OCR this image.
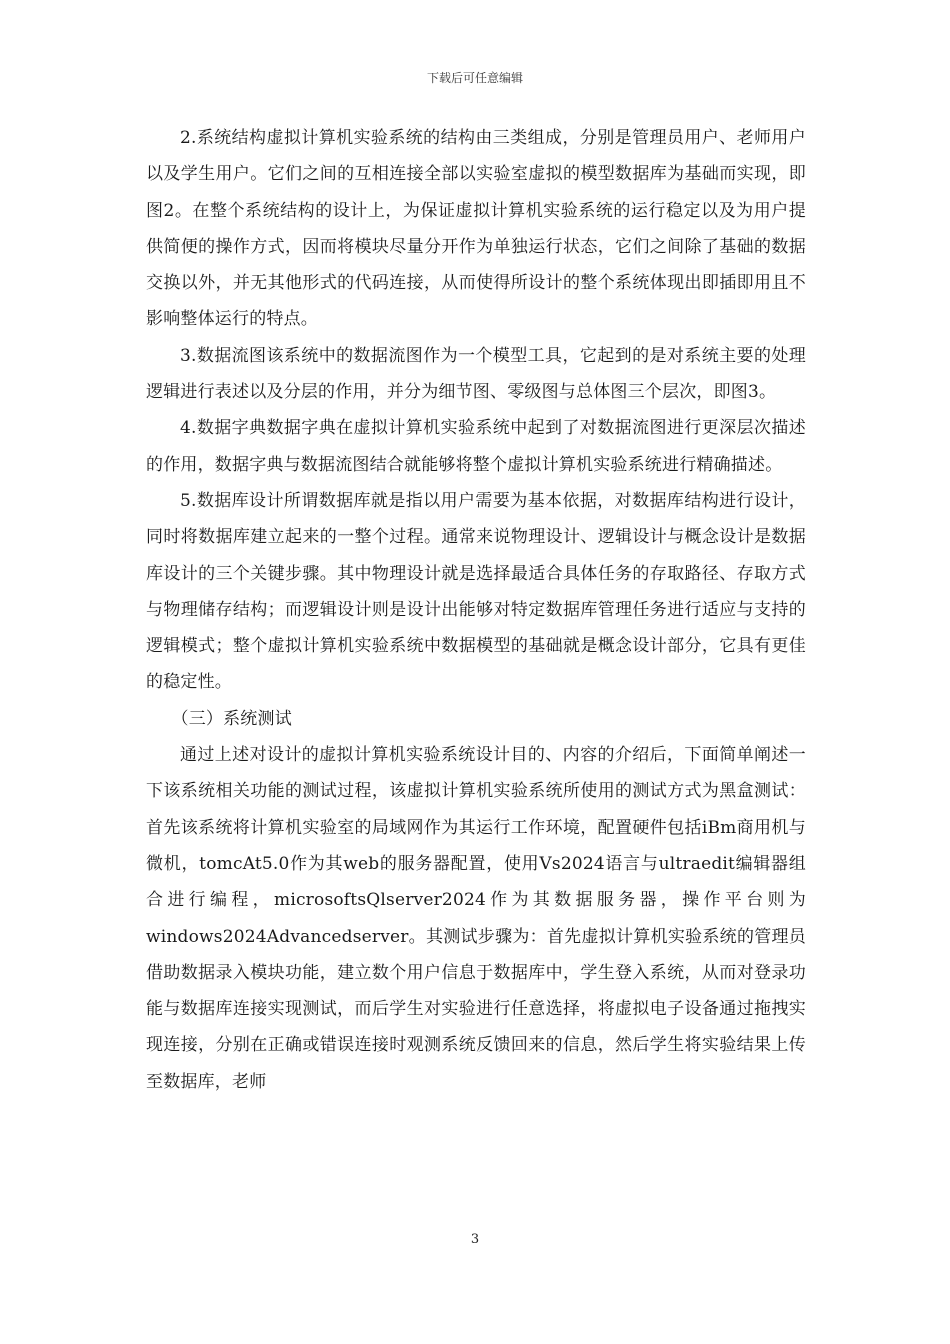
下载后可任意编辑

2.系统结构虚拟计算机实验系统的结构由三类组成，分别是管理员用户、老师用户以及学生用户。它们之间的互相连接全部以实验室虚拟的模型数据库为基础而实现，即图2。在整个系统结构的设计上，为保证虚拟计算机实验系统的运行稳定以及为用户提供简便的操作方式，因而将模块尽量分开作为单独运行状态，它们之间除了基础的数据交换以外，并无其他形式的代码连接，从而使得所设计的整个系统体现出即插即用且不影响整体运行的特点。

3.数据流图该系统中的数据流图作为一个模型工具，它起到的是对系统主要的处理逻辑进行表述以及分层的作用，并分为细节图、零级图与总体图三个层次，即图3。

4.数据字典数据字典在虚拟计算机实验系统中起到了对数据流图进行更深层次描述的作用，数据字典与数据流图结合就能够将整个虚拟计算机实验系统进行精确描述。

5.数据库设计所谓数据库就是指以用户需要为基本依据，对数据库结构进行设计，同时将数据库建立起来的一整个过程。通常来说物理设计、逻辑设计与概念设计是数据库设计的三个关键步骤。其中物理设计就是选择最适合具体任务的存取路径、存取方式与物理储存结构；而逻辑设计则是设计出能够对特定数据库管理任务进行适应与支持的逻辑模式；整个虚拟计算机实验系统中数据模型的基础就是概念设计部分，它具有更佳的稳定性。

（三）系统测试

通过上述对设计的虚拟计算机实验系统设计目的、内容的介绍后，下面简单阐述一下该系统相关功能的测试过程，该虚拟计算机实验系统所使用的测试方式为黑盒测试：首先该系统将计算机实验室的局域网作为其运行工作环境，配置硬件包括iBm商用机与微机，tomcAt5.0作为其web的服务器配置，使用Vs2024语言与ultraedit编辑器组合进行编程，microsoftsQlserver2024作为其数据服务器，操作平台则为windows2024Advancedserver。其测试步骤为：首先虚拟计算机实验系统的管理员借助数据录入模块功能，建立数个用户信息于数据库中，学生登入系统，从而对登录功能与数据库连接实现测试，而后学生对实验进行任意选择，将虚拟电子设备通过拖拽实现连接，分别在正确或错误连接时观测系统反馈回来的信息，然后学生将实验结果上传至数据库，老师

3
